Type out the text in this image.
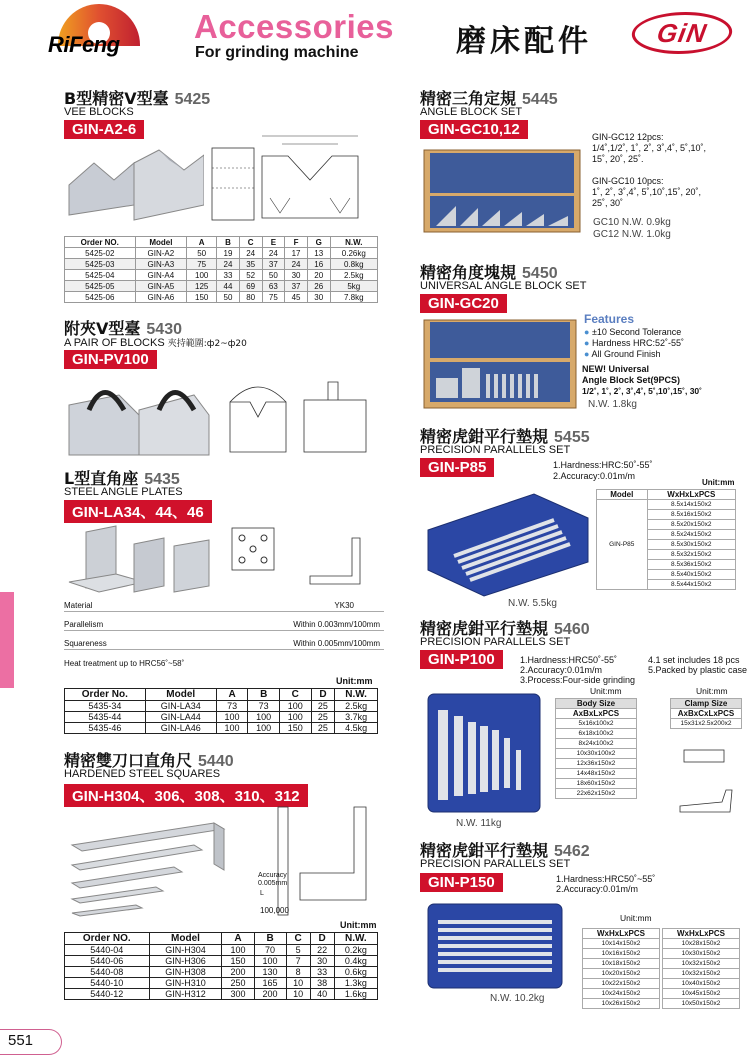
RiFeng Accessories
For grinding machine	磨床配件	GiN
B型精密V型臺 5425
VEE BLOCKS
GIN-A2-6
Order NO.	Model	A	B	C	E	F	G	N.W.
5425-02	GIN-A2	50	19	24	24	17	13	0.26kg
5425-03	GIN-A3	75	24	35	37	24	16	0.8kg
5425-04	GIN-A4	100	33	52	50	30	20	2.5kg
5425-05	GIN-A5	125	44	69	63	37	26	5kg
5425-06	GIN-A6	150	50	80	75	45	30	7.8kg
附夾V型臺 5430
A PAIR OF BLOCKS 夾持範圍:ф2~ф20
GIN-PV100
L型直角座 5435
STEEL ANGLE PLATES
GIN-LA34、44、46
Material	YK30
Parallelism	Within 0.003mm/100mm
Squareness	Within 0.005mm/100mm
Heat treatment up to HRC56˚~58˚
Unit:mm
Order No.	Model	A	B	C	D	N.W.
5435-34	GIN-LA34	73	73	100	25	2.5kg
5435-44	GIN-LA44	100	100	100	25	3.7kg
5435-46	GIN-LA46	100	100	150	25	4.5kg
精密雙刀口直角尺 5440
HARDENED STEEL SQUARES
GIN-H304、306、308、310、312
Accuracy
0.005mm
L
100,000
Unit:mm
Order NO.	Model	A	B	C	D	N.W.
5440-04	GIN-H304	100	70	5	22	0.2kg
5440-06	GIN-H306	150	100	7	30	0.4kg
5440-08	GIN-H308	200	130	8	33	0.6kg
5440-10	GIN-H310	250	165	10	38	1.3kg
5440-12	GIN-H312	300	200	10	40	1.6kg
精密三角定規 5445
ANGLE BLOCK SET
GIN-GC10,12	GIN-GC12 12pcs:
1/4˚,1/2˚, 1˚, 2˚, 3˚,4˚, 5˚,10˚,
15˚, 20˚, 25˚.
GIN-GC10 10pcs:
1˚, 2˚, 3˚,4˚, 5˚,10˚,15˚, 20˚,
25˚, 30˚
GC10 N.W. 0.9kg
GC12 N.W. 1.0kg
精密角度塊規 5450
UNIVERSAL ANGLE BLOCK SET
GIN-GC20
Features
● ±10 Second Tolerance
● Hardness HRC:52˚-55˚
● All Ground Finish
NEW! Universal
Angle Block Set(9PCS)
1/2˚, 1˚, 2˚, 3˚,4˚, 5˚,10˚,15˚, 30˚
N.W. 1.8kg
精密虎鉗平行墊規 5455
PRECISION PARALLELS SET
GIN-P85	1.Hardness:HRC:50˚-55˚
2.Accuracy:0.01m/m
Unit:mm
Model	WxHxLxPCS
GIN-P85	8.5x14x150x2
	8.5x16x150x2
	8.5x20x150x2
	8.5x24x150x2
	8.5x30x150x2
	8.5x32x150x2
	8.5x36x150x2
	8.5x40x150x2
	8.5x44x150x2
N.W. 5.5kg
精密虎鉗平行墊規 5460
PRECISION PARALLELS SET
GIN-P100	1.Hardness:HRC50˚-55˚
2.Accuracy:0.01m/m
3.Process:Four-side grinding
4.1 set includes 18 pcs
5.Packed by plastic case
Unit:mm
Body Size
AxBxLxPCS
5x16x100x2
6x18x100x2
8x24x100x2
10x30x100x2
12x36x150x2
14x48x150x2
18x60x150x2
22x62x150x2
Unit:mm
Clamp Size
AxBxCxLxPCS
15x31x2.5x200x2
N.W. 11kg
精密虎鉗平行墊規 5462
PRECISION PARALLELS SET
GIN-P150	1.Hardness:HRC50˚~55˚
2.Accuracy:0.01m/m
Unit:mm
WxHxLxPCS
10x14x150x2
10x16x150x2
10x18x150x2
10x20x150x2
10x22x150x2
10x24x150x2
10x26x150x2
WxHxLxPCS
10x28x150x2
10x30x150x2
10x32x150x2
10x32x150x2
10x40x150x2
10x45x150x2
10x50x150x2
N.W. 10.2kg
551
